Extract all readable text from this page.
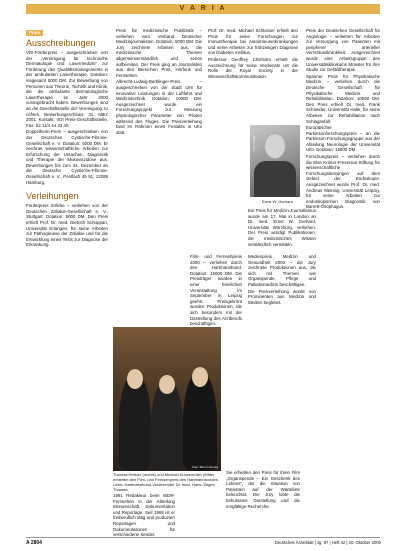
V A R I A
Preis
Ausschreibungen

VDI-Förderpreis – ausgeschrieben von der „Vereinigung für technische Dermatologie und Lasermedizin“ zur Förderung des Qualitätsmanagements in der ambulanten Lasertherapie. Dotation: insgesamt 5000 DM. Zur Bewerbung von Personen aus Theorie, Technik und Klinik, die die ambulante dermatologische Lasertherapie im Jahr 2000 vorangebracht haben. Bewerbungen sind an die Geschäftsstelle der Vereinigung zu richten. Bewerbungsschluss: 31. März 2001. Kontakt: VDI Preis-Geschäftsstelle, Fax: 02 11/4 44 33 40.

Doppelheim-Preis – ausgeschrieben von der Deutschen Cystische-Fibrose-Gesellschaft e. V. Dotation: 5000 DM. Er zeichnet wissenschaftliche Arbeiten zur Erforschung der Ursachen, Diagnostik und Therapie der Mukoviszidose aus. Bewerbungen bis zum 31. Dezember an die Deutsche Cystische-Fibrose-Gesellschaft e. V., Postfach 45 51, 12089 Hamburg.

Verleihungen

Förderpreis Zölicke – verliehen von der Deutschen Zöliakie-Gesellschaft e. V., Stuttgart. Dotation: 5000 DM. Den Preis erhielt Prof. Dr. med. Dietrich Schuppan, Universität Erlangen, für seine Arbeiten zur Pathogenese der Zöliakie und für die Entwicklung eines Tests zur Diagnose der Erkrankung.

Preis für medizinische Publizistik – verliehen vom Verband Deutscher Medizinjournalisten. Dotation: 5000 DM. Die Jury zeichnete Arbeiten aus, die medizinische Themen allgemeinverständlich und seriös aufbereiten. Der Preis ging an Journalisten aus den Bereichen Print, Hörfunk und Fernsehen.

Albrecht-Ludwig-Berblinger-Preis – ausgeschrieben von der Stadt Ulm für innovative Leistungen in der Luftfahrt und Medizintechnik. Dotation: 10000 DM. Ausgezeichnet wurde ein Forschungsprojekt zur Messung physiologischer Parameter von Piloten während des Fluges. Die Preisverleihung fand im Rahmen eines Festakts in Ulm statt.

Film- und Fernsehpreis 2000 – verliehen durch den Hartmannbund. Dotation: 15000 DM. Die Preisträger wurden in einer feierlichen Veranstaltung im September in Leipzig geehrt. Preisgekrönt wurden Produktionen, die sich besonders mit der Darstellung des Arztberufs beschäftigen.

Prof. Dr. med. Michael Schlosser erhielt den Preis für seine Forschungen zur Immuntherapie bei Autoimmunerkrankungen und seine Arbeiten zur frühzeitigen Diagnose von Diabetes mellitus.

Professor Geoffrey Chisholm erhielt die Auszeichnung für seine Verdienste um die Rolle der Royal Society in der Wissenschaftskommunikation.

Foto: privat
Ernst W. Gerhard

Ein Preis für Medizin-Journalismus wurde am 17. Mai in London an Dr. med. Ernst W. Gerhard, Universität Würzburg, verliehen. Der Preis würdigt Publikationen, die medizinisches Wissen verständlich vermitteln.

Medienpreis Medizin und Gesundheit 2000 – die Jury zeichnete Produktionen aus, die sich mit Themen wie Organspende, Pflege und Palliativmedizin beschäftigen.

Die Preisverleihung wurde von Prominenten aus Medizin und Medien begleitet.

Preis der Deutschen Gesellschaft für Angiologie – verliehen für Arbeiten zur Versorgung von Patienten mit peripherer arterieller Verschlusskrankheit. Ausgezeichnet wurde eine Arbeitsgruppe des Universitätsklinikums Münster für ihre Studie zur Gefäßtherapie.

Spanner Preis für Physikalische Medizin – verliehen durch die Deutsche Gesellschaft für Physikalische Medizin und Rehabilitation. Dotation: 10000 DM. Den Preis erhielt Dr. med. Frank Schneider, Universität Halle, für seine Arbeiten zur Rehabilitation nach Schlaganfall.

Europäischer Parkinsonforschungspreis – an die Parkinson-Forschungsgruppe aus der Abteilung Neurologie der Universität Ulm. Dotation: 15000 DM.

Forschungspreis – verliehen durch die Else Kröner-Fresenius-Stiftung für wissenschaftliche Forschungsleistungen auf dem Gebiet der Endoskopie. Ausgezeichnet wurde Prof. Dr. med. Andreas Meining, Universität Leipzig, für seine Arbeiten zur endoskopischen Diagnostik von Barrett-Ösophagus.

Foto: Bernd Hennig
Thomas Heilner (rechts) und Michael Kunzemüller (Mitte) erhielten den Film- und Fernsehpreis des Hartmannbundes. Links: Hartmannbund-Vorsitzender Dr. med. Hans-Jürgen Thomas.

1991 Redakteur beim WDR-Fernsehen in der Abteilung Wissenschaft, Dokumentation und Reportage. Seit 1995 ist er freiberuflich tätig und produziert Reportagen und Dokumentationen für verschiedene Sender.

Sie erhielten den Preis für ihren Film „Organspende – Ein Geschenk des Lebens“, der die Situation von Patienten auf der Warteliste beleuchtet. Die Jury lobte die behutsame Darstellung und die sorgfältige Recherche.

A 2804	Deutsches Ärzteblatt | Jg. 97 | Heft 42 | 20. Oktober 2000
